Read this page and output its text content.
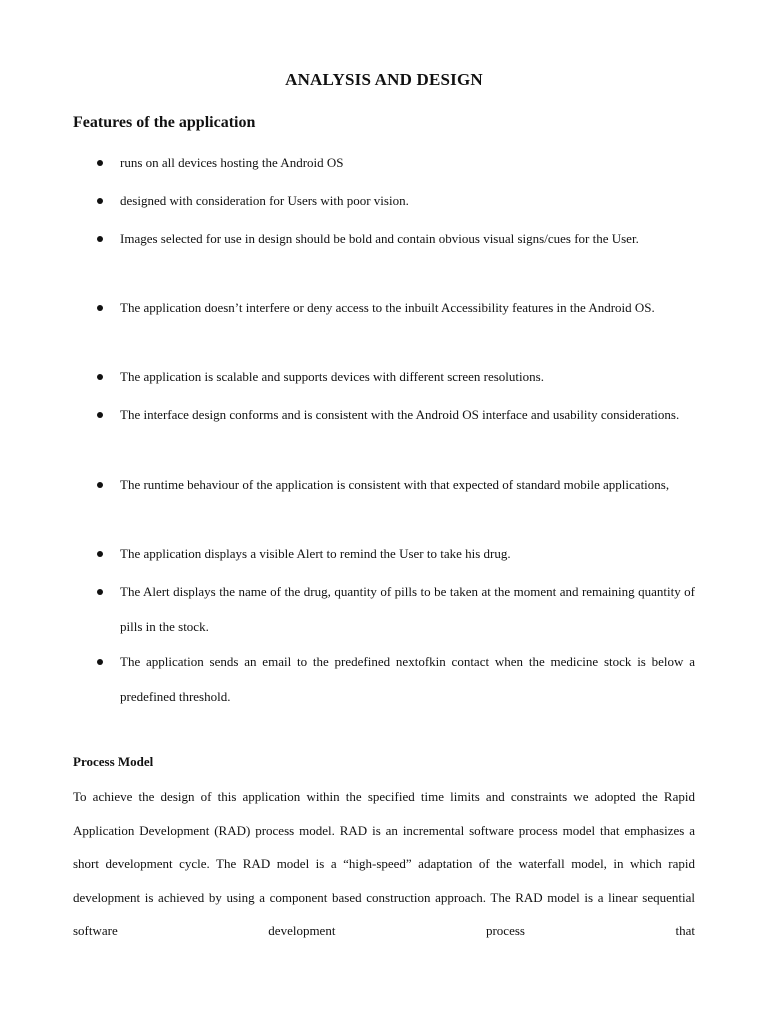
ANALYSIS AND DESIGN
Features of the application
runs on all devices hosting the Android OS
designed with consideration for Users with poor vision.
Images selected for use in design should be bold and contain obvious visual signs/cues for the User.
The application doesn’t interfere or deny access to the inbuilt Accessibility features in the Android OS.
The application is scalable and supports devices with different screen resolutions.
The interface design conforms and is consistent with the Android OS interface and usability considerations.
The runtime behaviour of the application is consistent with that expected of standard mobile applications,
The application displays a visible Alert to remind the User to take his drug.
The Alert displays the name of the drug, quantity of pills to be taken at the moment and remaining quantity of pills in the stock.
The application sends an email to the predefined nextofkin contact when the medicine stock is below a predefined threshold.
Process Model
To achieve the design of this application within the specified time limits and constraints we adopted the Rapid Application Development (RAD) process model. RAD is an incremental software process model that emphasizes a short development cycle. The RAD model is a “high-speed” adaptation of the waterfall model, in which rapid development is achieved by using a component based construction approach. The RAD model is a linear sequential software development process that
